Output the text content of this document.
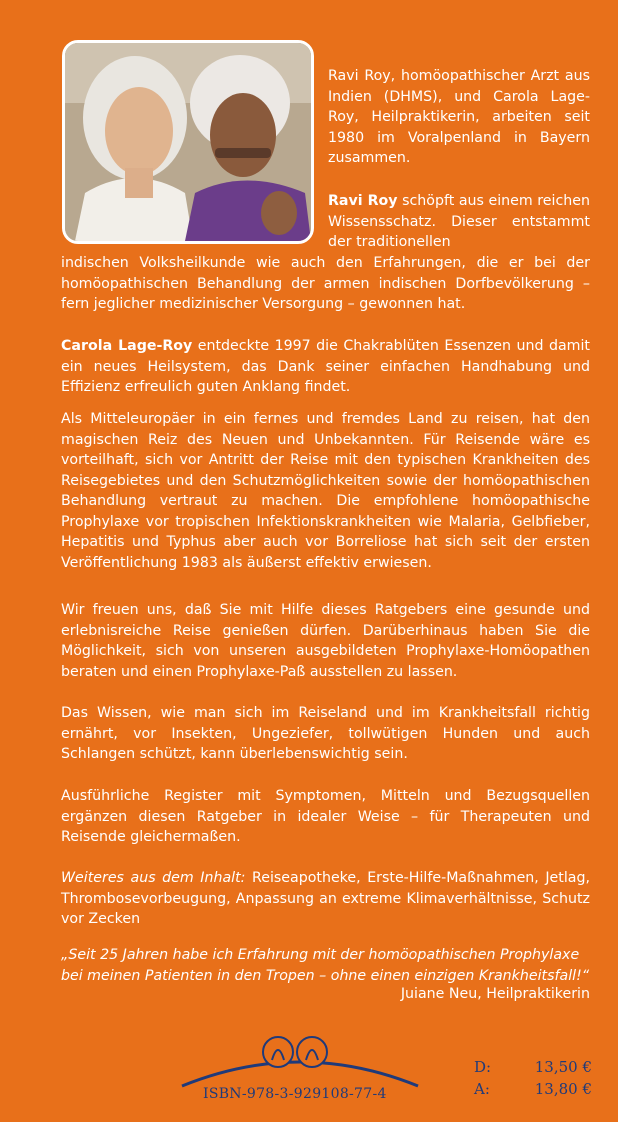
Ravi Roy, homöopathischer Arzt aus Indien (DHMS), und Carola Lage-Roy, Heilpraktikerin, arbeiten seit 1980 im Voralpenland in Bayern zusammen.
Ravi Roy schöpft aus einem reichen Wissensschatz. Dieser entstammt der traditionellen

indischen Volksheilkunde wie auch den Erfahrungen, die er bei der homöopathischen Behandlung der armen indischen Dorfbevölkerung – fern jeglicher medizinischer Versorgung – gewonnen hat.

Carola Lage-Roy entdeckte 1997 die Chakrablüten Essenzen und damit ein neues Heilsystem, das Dank seiner einfachen Handhabung und Effizienz erfreulich guten Anklang findet.

Als Mitteleuropäer in ein fernes und fremdes Land zu reisen, hat den magischen Reiz des Neuen und Unbekannten. Für Reisende wäre es vorteilhaft, sich vor Antritt der Reise mit den typischen Krankheiten des Reisegebietes und den Schutzmöglichkeiten sowie der homöopathischen Behandlung vertraut zu machen. Die empfohlene homöopathische Prophylaxe vor tropischen Infektionskrankheiten wie Malaria, Gelbfieber, Hepatitis und Typhus aber auch vor Borreliose hat sich seit der ersten Veröffentlichung 1983 als äußerst effektiv erwiesen.

Wir freuen uns, daß Sie mit Hilfe dieses Ratgebers eine gesunde und erlebnisreiche Reise genießen dürfen. Darüberhinaus haben Sie die Möglichkeit, sich von unseren ausgebildeten Prophylaxe-Homöopathen beraten und einen Prophylaxe-Paß ausstellen zu lassen.

Das Wissen, wie man sich im Reiseland und im Krankheitsfall richtig ernährt, vor Insekten, Ungeziefer, tollwütigen Hunden und auch Schlangen schützt, kann überlebenswichtig sein.

Ausführliche Register mit Symptomen, Mitteln und Bezugsquellen ergänzen diesen Ratgeber in idealer Weise – für Therapeuten und Reisende gleichermaßen.

Weiteres aus dem Inhalt: Reiseapotheke, Erste-Hilfe-Maßnahmen, Jetlag, Thrombosevorbeugung, Anpassung an extreme Klimaverhältnisse, Schutz vor Zecken

„Seit 25 Jahren habe ich Erfahrung mit der homöopathischen Prophylaxe bei meinen Patienten in den Tropen – ohne einen einzigen Krankheitsfall!“
Juiane Neu, Heilpraktikerin
ISBN-978-3-929108-77-4
D:	13,50 €
A:	13,80 €
